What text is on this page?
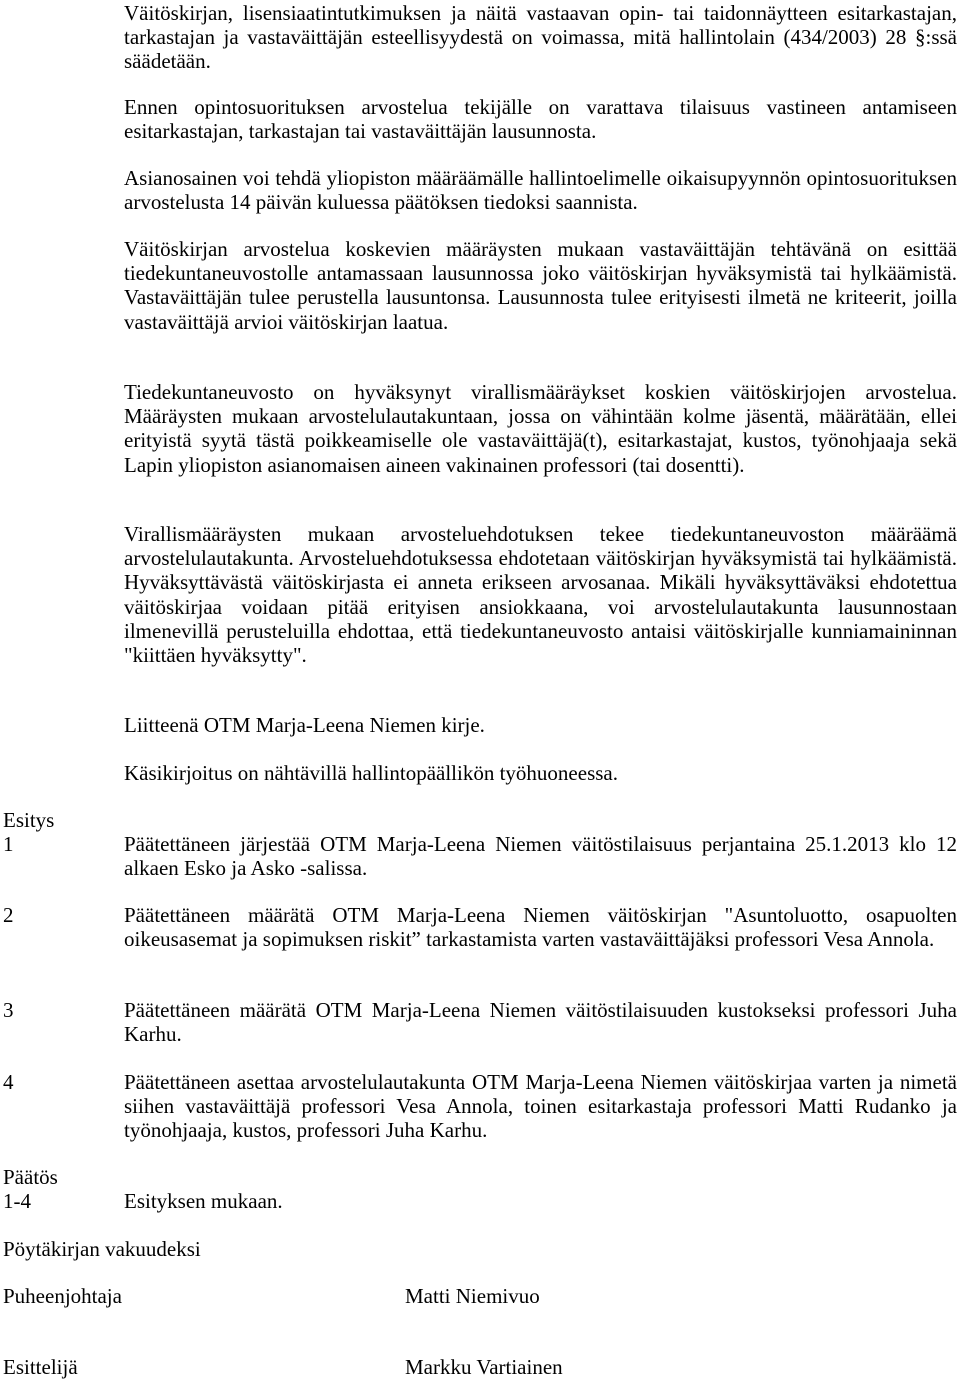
Väitöskirjan, lisensiaatintutkimuksen ja näitä vastaavan opin- tai taidonnäytteen esitarkastajan, tarkastajan ja vastaväittäjän esteellisyydestä on voimassa, mitä hallintolain (434/2003) 28 §:ssä säädetään.
Ennen opintosuorituksen arvostelua tekijälle on varattava tilaisuus vastineen antamiseen esitarkastajan, tarkastajan tai vastaväittäjän lausunnosta.
Asianosainen voi tehdä yliopiston määräämälle hallintoelimelle oikaisupyynnön opintosuorituksen arvostelusta 14 päivän kuluessa päätöksen tiedoksi saannista.
Väitöskirjan arvostelua koskevien määräysten mukaan vastaväittäjän tehtävänä on esittää tiedekuntaneuvostolle antamassaan lausunnossa joko väitöskirjan hyväksymistä tai hylkäämistä. Vastaväittäjän tulee perustella lausuntonsa. Lausunnosta tulee erityisesti ilmetä ne kriteerit, joilla vastaväittäjä arvioi väitöskirjan laatua.
Tiedekuntaneuvosto on hyväksynyt virallismääräykset koskien väitöskirjojen arvostelua. Määräysten mukaan arvostelulautakuntaan, jossa on vähintään kolme jäsentä, määrätään, ellei erityistä syytä tästä poikkeamiselle ole vastaväittäjä(t), esitarkastajat, kustos, työnohjaaja sekä Lapin yliopiston asianomaisen aineen vakinainen professori (tai dosentti).
Virallismääräysten mukaan arvosteluehdotuksen tekee tiedekuntaneuvoston määräämä arvostelulautakunta. Arvosteluehdotuksessa ehdotetaan väitöskirjan hyväksymistä tai hylkäämistä. Hyväksyttävästä väitöskirjasta ei anneta erikseen arvosanaa. Mikäli hyväksyttäväksi ehdotettua väitöskirjaa voidaan pitää erityisen ansiokkaana, voi arvostelulautakunta lausunnostaan ilmenevillä perusteluilla ehdottaa, että tiedekuntaneuvosto antaisi väitöskirjalle kunniamaininnan "kiittäen hyväksytty".
Liitteenä OTM Marja-Leena Niemen kirje.
Käsikirjoitus on nähtävillä hallintopäällikön työhuoneessa.
Esitys
1	Päätettäneen järjestää OTM Marja-Leena Niemen väitöstilaisuus perjantaina 25.1.2013 klo 12 alkaen Esko ja Asko -salissa.
2	Päätettäneen määrätä OTM Marja-Leena Niemen väitöskirjan "Asuntoluotto, osapuolten oikeusasemat ja sopimuksen riskit” tarkastamista varten vastaväittäjäksi professori Vesa Annola.
3	Päätettäneen määrätä OTM Marja-Leena Niemen väitöstilaisuuden kustokseksi professori Juha Karhu.
4	Päätettäneen asettaa arvostelulautakunta OTM Marja-Leena Niemen väitöskirjaa varten ja nimetä siihen vastaväittäjä professori Vesa Annola, toinen esitarkastaja professori Matti Rudanko ja työnohjaaja, kustos, professori Juha Karhu.
Päätös
1-4	Esityksen mukaan.
Pöytäkirjan vakuudeksi
Puheenjohtaja	Matti Niemivuo
Esittelijä	Markku Vartiainen
